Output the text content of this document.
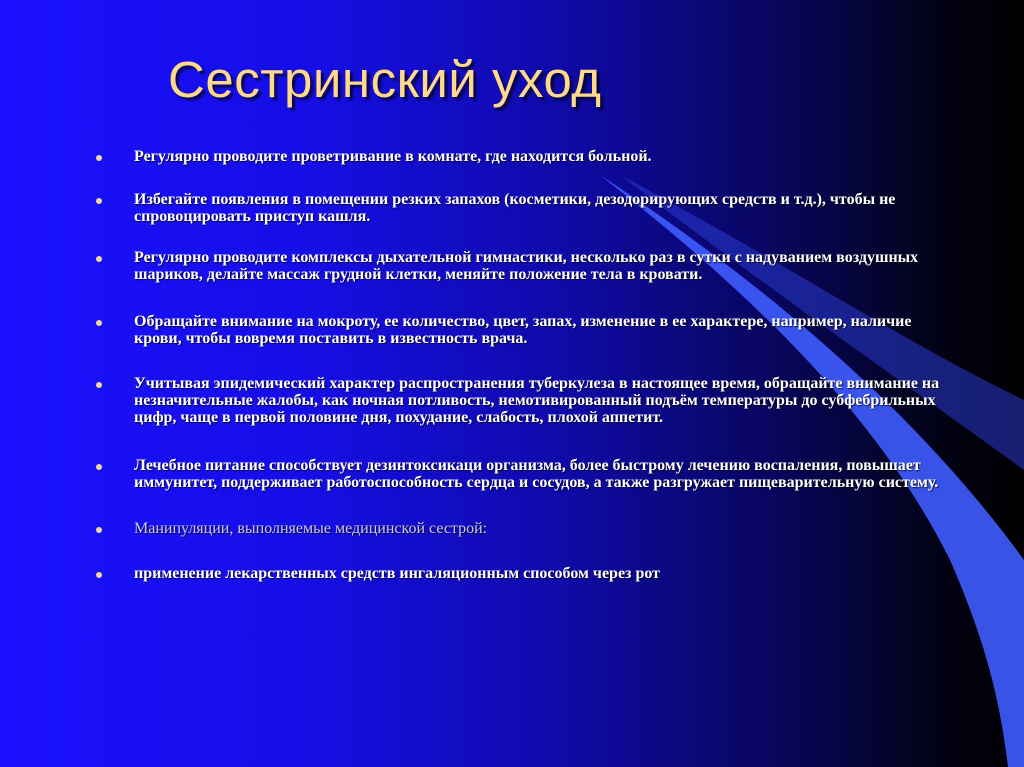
Сестринский уход
Регулярно проводите проветривание в комнате, где находится больной.
Избегайте появления в помещении резких запахов (косметики, дезодорирующих средств и т.д.), чтобы не спровоцировать приступ кашля.
Регулярно проводите комплексы дыхательной гимнастики, несколько раз в сутки с надуванием воздушных шариков, делайте массаж грудной клетки, меняйте положение тела в кровати.
Обращайте внимание на мокроту, ее количество, цвет, запах, изменение в ее характере, например, наличие крови, чтобы вовремя поставить в известность врача.
Учитывая эпидемический характер распространения туберкулеза в настоящее время, обращайте внимание на незначительные жалобы, как ночная потливость, немотивированный подъём температуры до субфебрильных цифр, чаще в первой половине дня, похудание, слабость, плохой аппетит.
Лечебное питание способствует дезинтоксикаци организма, более быстрому лечению воспаления, повышает иммунитет, поддерживает работоспособность сердца и сосудов, а также разгружает пищеварительную систему.
Манипуляции, выполняемые медицинской сестрой:
применение лекарственных средств ингаляционным способом через рот
